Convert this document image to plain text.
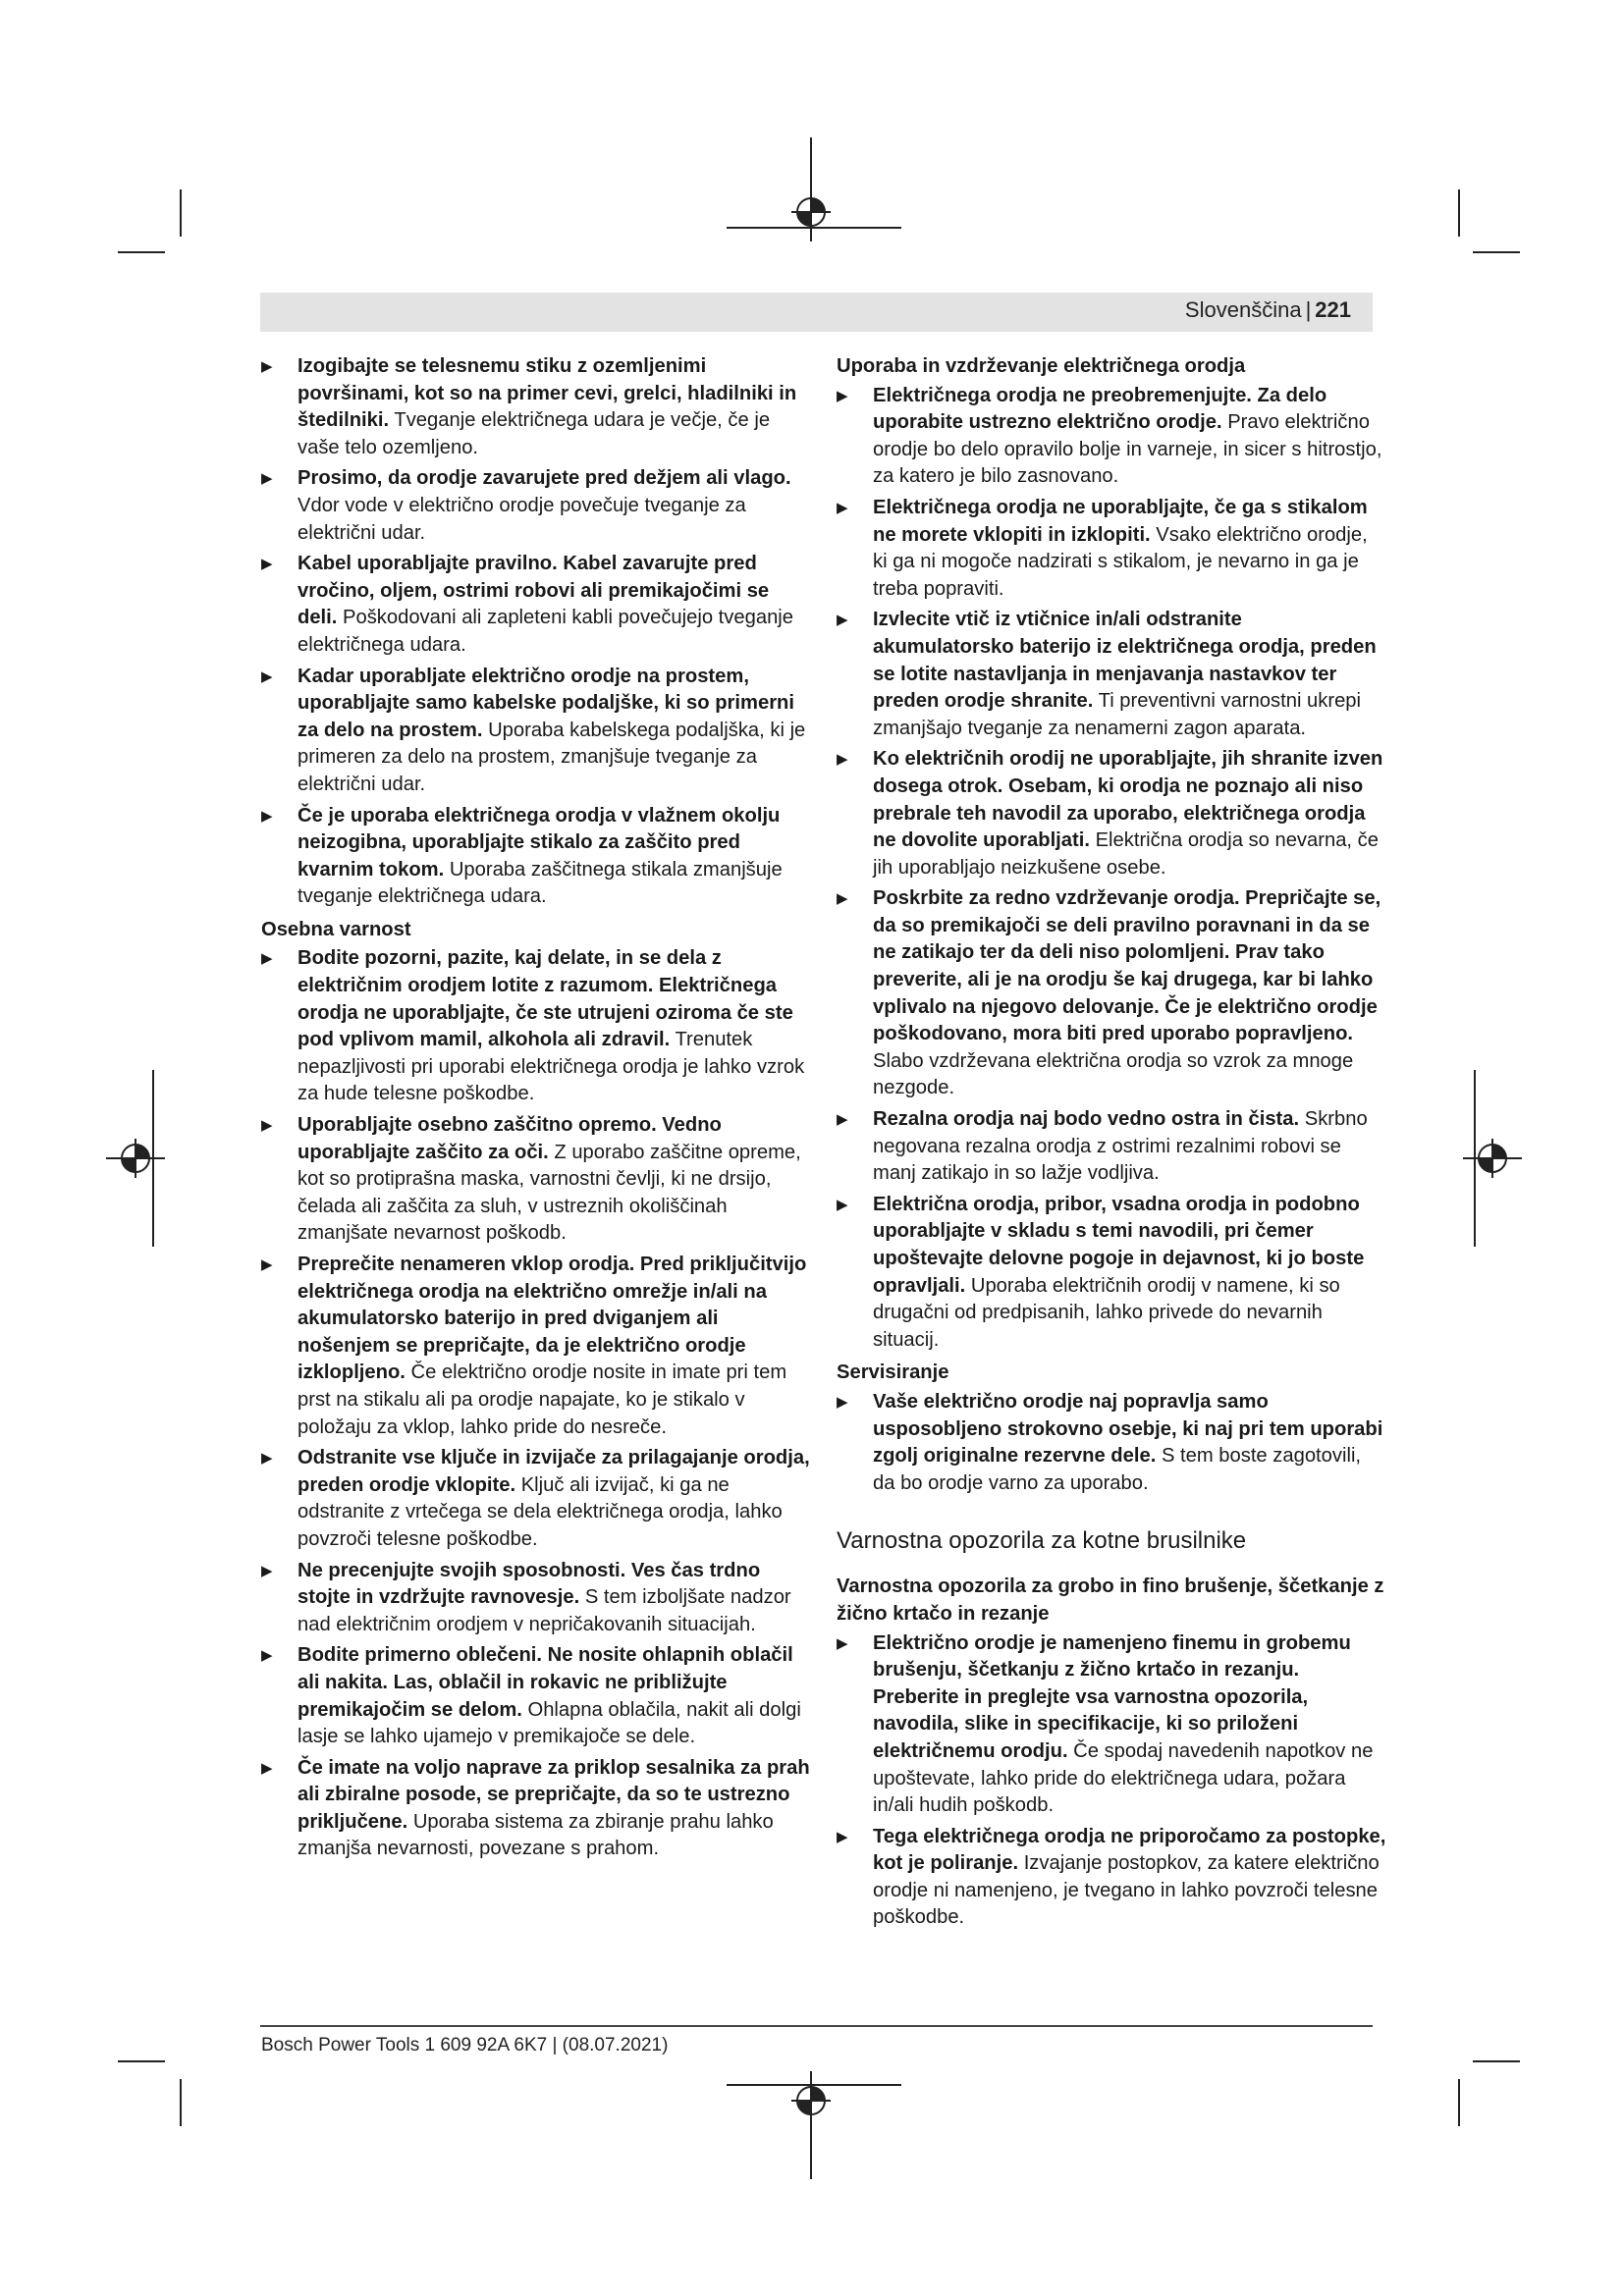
Slovenščina | 221
▶ Izogibajte se telesnemu stiku z ozemljenimi površinami, kot so na primer cevi, grelci, hladilniki in štedilniki. Tveganje električnega udara je večje, če je vaše telo ozemljeno.
▶ Prosimo, da orodje zavarujete pred dežjem ali vlago. Vdor vode v električno orodje povečuje tveganje za električni udar.
▶ Kabel uporabljajte pravilno. Kabel zavarujte pred vročino, oljem, ostrimi robovi ali premikajočimi se deli. Poškodovani ali zapleteni kabli povečujejo tveganje električnega udara.
▶ Kadar uporabljate električno orodje na prostem, uporabljajte samo kabelske podaljške, ki so primerni za delo na prostem. Uporaba kabelskega podaljška, ki je primeren za delo na prostem, zmanjšuje tveganje za električni udar.
▶ Če je uporaba električnega orodja v vlažnem okolju neizogibna, uporabljajte stikalo za zaščito pred kvarnim tokom. Uporaba zaščitnega stikala zmanjšuje tveganje električnega udara.
Osebna varnost
▶ Bodite pozorni, pazite, kaj delate, in se dela z električnim orodjem lotite z razumom. Električnega orodja ne uporabljajte, če ste utrujeni oziroma če ste pod vplivom mamil, alkohola ali zdravil. Trenutek nepazljivosti pri uporabi električnega orodja je lahko vzrok za hude telesne poškodbe.
▶ Uporabljajte osebno zaščitno opremo. Vedno uporabljajte zaščito za oči. Z uporabo zaščitne opreme, kot so protiprašna maska, varnostni čevlji, ki ne drsijo, čelada ali zaščita za sluh, v ustreznih okoliščinah zmanjšate nevarnost poškodb.
▶ Preprečite nenameren vklop orodja. Pred priključitvijo električnega orodja na električno omrežje in/ali na akumulatorsko baterijo in pred dviganjem ali nošenjem se prepričajte, da je električno orodje izklopljeno. Če električno orodje nosite in imate pri tem prst na stikalu ali pa orodje napajate, ko je stikalo v položaju za vklop, lahko pride do nesreče.
▶ Odstranite vse ključe in izvijače za prilagajanje orodja, preden orodje vklopite. Ključ ali izvijač, ki ga ne odstranite z vrtečega se dela električnega orodja, lahko povzroči telesne poškodbe.
▶ Ne precenjujte svojih sposobnosti. Ves čas trdno stojte in vzdržujte ravnovesje. S tem izboljšate nadzor nad električnim orodjem v nepričakovanih situacijah.
▶ Bodite primerno oblečeni. Ne nosite ohlapnih oblačil ali nakita. Las, oblačil in rokavic ne približujte premikajočim se delom. Ohlapna oblačila, nakit ali dolgi lasje se lahko ujamejo v premikajoče se dele.
▶ Če imate na voljo naprave za priklop sesalnika za prah ali zbiralne posode, se prepričajte, da so te ustrezno priključene. Uporaba sistema za zbiranje prahu lahko zmanjša nevarnosti, povezane s prahom.
Uporaba in vzdrževanje električnega orodja
▶ Električnega orodja ne preobremenjujte. Za delo uporabite ustrezno električno orodje. Pravo električno orodje bo delo opravilo bolje in varneje, in sicer s hitrostjo, za katero je bilo zasnovano.
▶ Električnega orodja ne uporabljajte, če ga s stikalom ne morete vklopiti in izklopiti. Vsako električno orodje, ki ga ni mogoče nadzirati s stikalom, je nevarno in ga je treba popraviti.
▶ Izvlecite vtič iz vtičnice in/ali odstranite akumulatorsko baterijo iz električnega orodja, preden se lotite nastavljanja in menjavanja nastavkov ter preden orodje shranite. Ti preventivni varnostni ukrepi zmanjšajo tveganje za nenamerni zagon aparata.
▶ Ko električnih orodij ne uporabljajte, jih shranite izven dosega otrok. Osebam, ki orodja ne poznajo ali niso prebrale teh navodil za uporabo, električnega orodja ne dovolite uporabljati. Električna orodja so nevarna, če jih uporabljajo neizkušene osebe.
▶ Poskrbite za redno vzdrževanje orodja. Prepričajte se, da so premikajoči se deli pravilno poravnani in da se ne zatikajo ter da deli niso polomljeni. Prav tako preverite, ali je na orodju še kaj drugega, kar bi lahko vplivalo na njegovo delovanje. Če je električno orodje poškodovano, mora biti pred uporabo popravljeno. Slabo vzdrževana električna orodja so vzrok za mnoge nezgode.
▶ Rezalna orodja naj bodo vedno ostra in čista. Skrbno negovana rezalna orodja z ostrimi rezalnimi robovi se manj zatikajo in so lažje vodljiva.
▶ Električna orodja, pribor, vsadna orodja in podobno uporabljajte v skladu s temi navodili, pri čemer upoštevajte delovne pogoje in dejavnost, ki jo boste opravljali. Uporaba električnih orodij v namene, ki so drugačni od predpisanih, lahko privede do nevarnih situacij.
Servisiranje
▶ Vaše električno orodje naj popravlja samo usposobljeno strokovno osebje, ki naj pri tem uporabi zgolj originalne rezervne dele. S tem boste zagotovili, da bo orodje varno za uporabo.
Varnostna opozorila za kotne brusilnike
Varnostna opozorila za grobo in fino brušenje, ščetkanje z žično krtačo in rezanje
▶ Električno orodje je namenjeno finemu in grobemu brušenju, ščetkanju z žično krtačo in rezanju. Preberite in preglejte vsa varnostna opozorila, navodila, slike in specifikacije, ki so priloženi električnemu orodju. Če spodaj navedenih napotkov ne upoštevate, lahko pride do električnega udara, požara in/ali hudih poškodb.
▶ Tega električnega orodja ne priporočamo za postopke, kot je poliranje. Izvajanje postopkov, za katere električno orodje ni namenjeno, je tvegano in lahko povzroči telesne poškodbe.
Bosch Power Tools 1 609 92A 6K7 | (08.07.2021)
